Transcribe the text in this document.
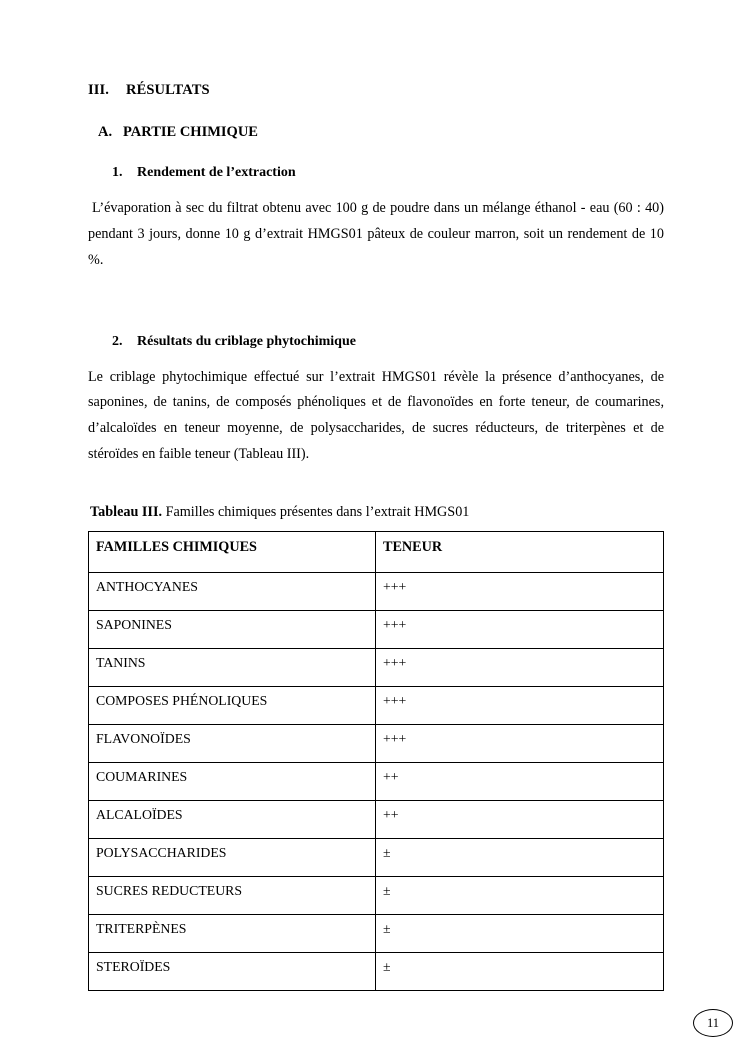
III. RÉSULTATS
A. PARTIE CHIMIQUE
1. Rendement de l’extraction

L’évaporation à sec du filtrat obtenu avec 100 g de poudre dans un mélange éthanol - eau (60 : 40) pendant 3 jours, donne 10 g d’extrait HMGS01 pâteux de couleur marron, soit un rendement de 10 %.

2. Résultats du criblage phytochimique

Le criblage phytochimique effectué sur l’extrait HMGS01 révèle la présence d’anthocyanes, de saponines, de tanins, de composés phénoliques et de flavonoïdes en forte teneur, de coumarines, d’alcaloïdes en teneur moyenne, de polysaccharides, de sucres réducteurs, de triterpènes et de stéroïdes en faible teneur (Tableau III).

Tableau III. Familles chimiques présentes dans l’extrait HMGS01
FAMILLES CHIMIQUES	TENEUR
ANTHOCYANES	+++
SAPONINES	+++
TANINS	+++
COMPOSES PHÉNOLIQUES	+++
FLAVONOÏDES	+++
COUMARINES	++
ALCALOÏDES	++
POLYSACCHARIDES	±
SUCRES REDUCTEURS	±
TRITERPÈNES	±
STEROÏDES	±
11
